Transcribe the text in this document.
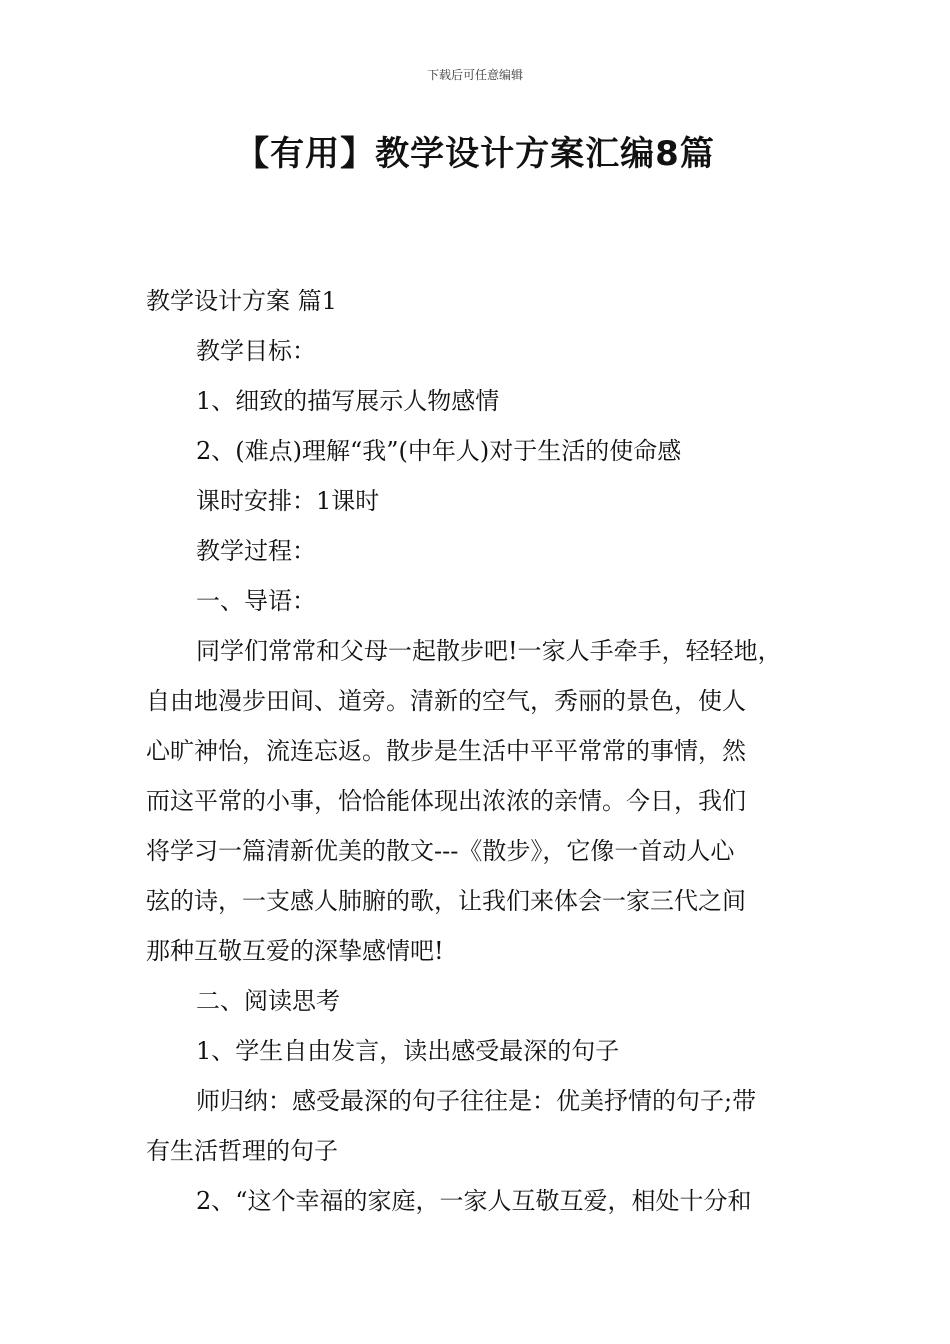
下载后可任意编辑
【有用】教学设计方案汇编8篇

教学设计方案 篇1

教学目标：

1、细致的描写展示人物感情

2、(难点)理解“我”(中年人)对于生活的使命感

课时安排：1课时

教学过程：

一、导语：

同学们常常和父母一起散步吧!一家人手牵手，轻轻地，

自由地漫步田间、道旁。清新的空气，秀丽的景色，使人

心旷神怡，流连忘返。散步是生活中平平常常的事情，然

而这平常的小事，恰恰能体现出浓浓的亲情。今日，我们

将学习一篇清新优美的散文---《散步》，它像一首动人心

弦的诗，一支感人肺腑的歌，让我们来体会一家三代之间

那种互敬互爱的深挚感情吧!

二、阅读思考

1、学生自由发言，读出感受最深的句子

师归纳：感受最深的句子往往是：优美抒情的句子;带

有生活哲理的句子

2、“这个幸福的家庭，一家人互敬互爱，相处十分和
